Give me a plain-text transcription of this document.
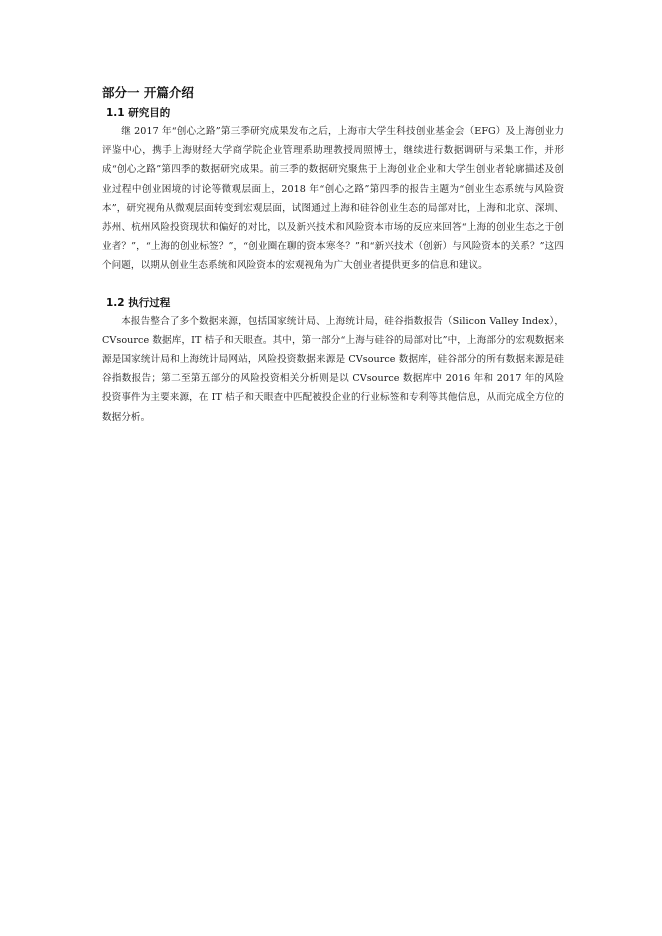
部分一 开篇介绍
1.1 研究目的

继 2017 年“创心之路”第三季研究成果发布之后，上海市大学生科技创业基金会（EFG）及上海创业力评鉴中心，携手上海财经大学商学院企业管理系助理教授周照博士，继续进行数据调研与采集工作，并形成“创心之路”第四季的数据研究成果。前三季的数据研究聚焦于上海创业企业和大学生创业者轮廓描述及创业过程中创业困境的讨论等微观层面上，2018 年“创心之路”第四季的报告主题为“创业生态系统与风险资本”，研究视角从微观层面转变到宏观层面，试图通过上海和硅谷创业生态的局部对比，上海和北京、深圳、苏州、杭州风险投资现状和偏好的对比，以及新兴技术和风险资本市场的反应来回答“上海的创业生态之于创业者？”，“上海的创业标签？”，“创业圈在聊的资本寒冬？”和“新兴技术（创新）与风险资本的关系？”这四个问题，以期从创业生态系统和风险资本的宏观视角为广大创业者提供更多的信息和建议。

1.2 执行过程

本报告整合了多个数据来源，包括国家统计局、上海统计局，硅谷指数报告（Silicon Valley Index），CVsource 数据库，IT 桔子和天眼查。其中，第一部分“上海与硅谷的局部对比”中，上海部分的宏观数据来源是国家统计局和上海统计局网站，风险投资数据来源是 CVsource 数据库，硅谷部分的所有数据来源是硅谷指数报告；第二至第五部分的风险投资相关分析则是以 CVsource 数据库中 2016 年和 2017 年的风险投资事件为主要来源，在 IT 桔子和天眼查中匹配被投企业的行业标签和专利等其他信息，从而完成全方位的数据分析。
